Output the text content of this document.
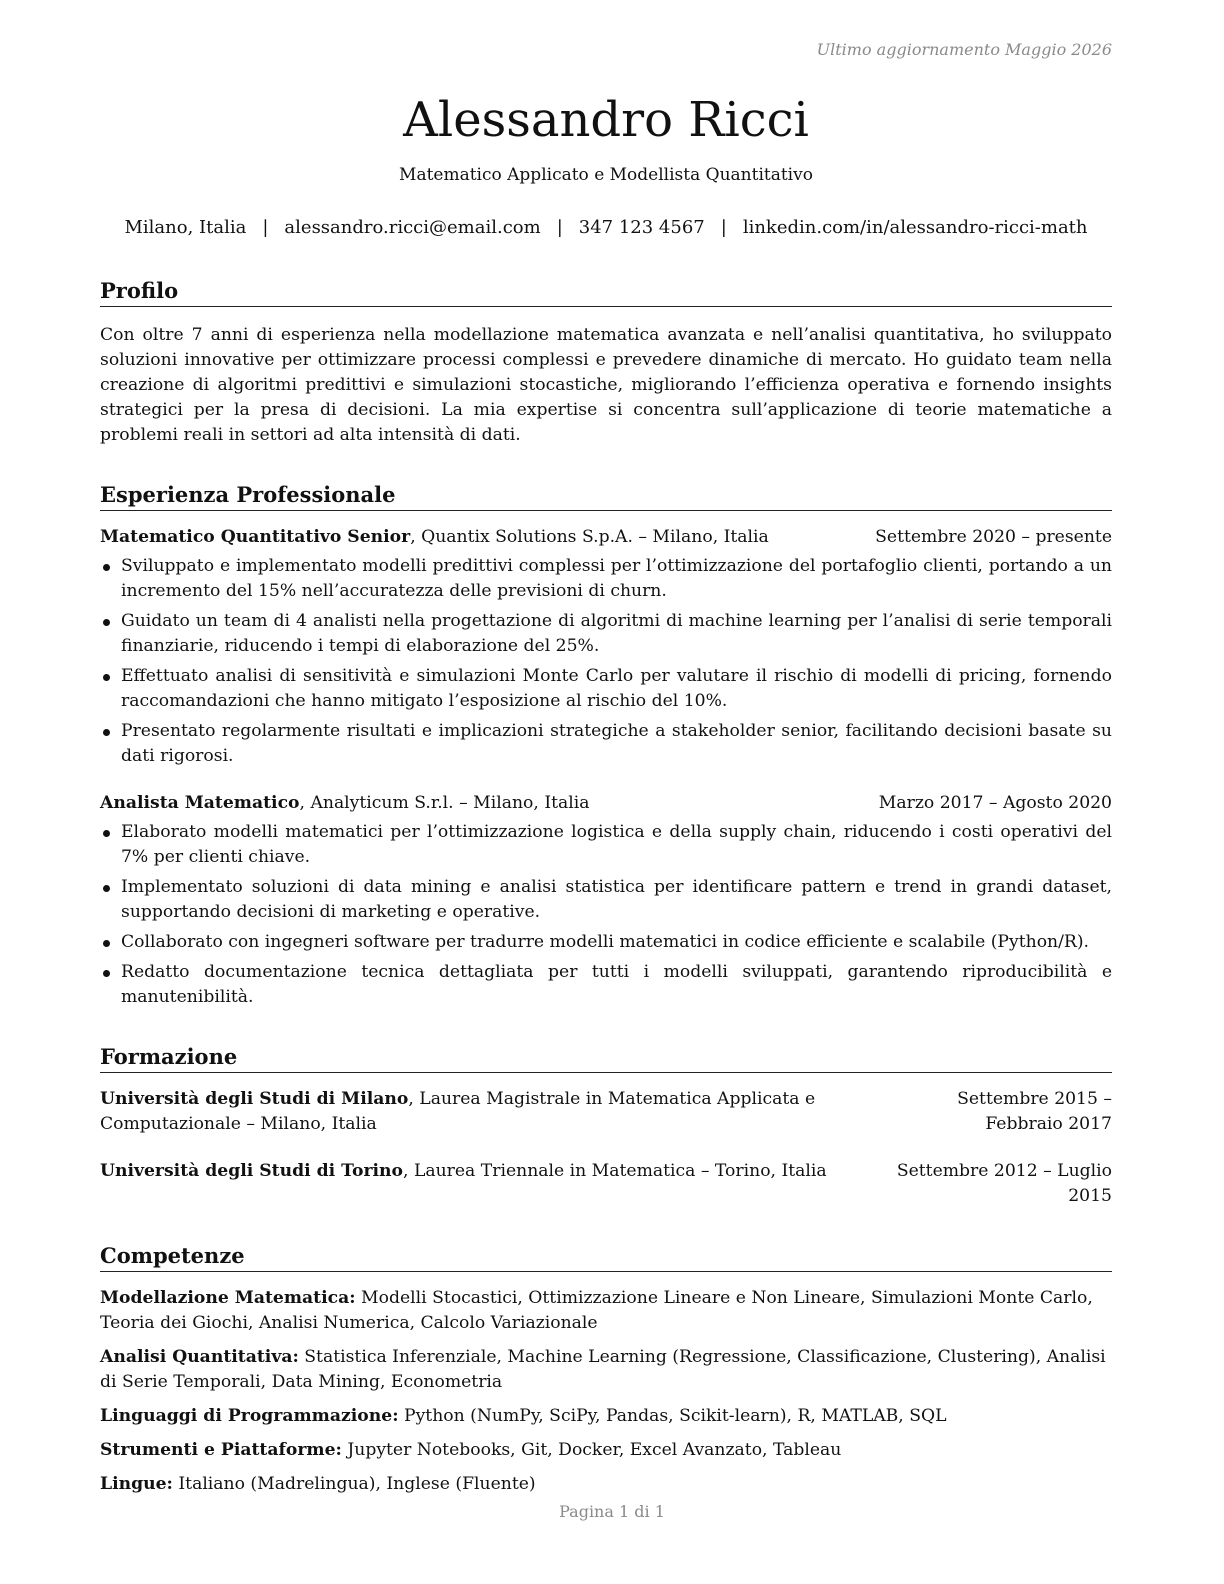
Ultimo aggiornamento Maggio 2026
Alessandro Ricci
Matematico Applicato e Modellista Quantitativo
Milano, Italia | alessandro.ricci@email.com | 347 123 4567 | linkedin.com/in/alessandro-ricci-math
Profilo

Con oltre 7 anni di esperienza nella modellazione matematica avanzata e nell’analisi quantitativa, ho sviluppato soluzioni innovative per ottimizzare processi complessi e prevedere dinamiche di mercato. Ho guidato team nella creazione di algoritmi predittivi e simulazioni stocastiche, migliorando l’efficienza operativa e fornendo insights strategici per la presa di decisioni. La mia expertise si concentra sull’applicazione di teorie matematiche a problemi reali in settori ad alta intensità di dati.

Esperienza Professionale
Matematico Quantitativo Senior, Quantix Solutions S.p.A. – Milano, Italia	Settembre 2020 – presente
Sviluppato e implementato modelli predittivi complessi per l’ottimizzazione del portafoglio clienti, portando a un incremento del 15% nell’accuratezza delle previsioni di churn.
Guidato un team di 4 analisti nella progettazione di algoritmi di machine learning per l’analisi di serie temporali finanziarie, riducendo i tempi di elaborazione del 25%.
Effettuato analisi di sensitività e simulazioni Monte Carlo per valutare il rischio di modelli di pricing, fornendo raccomandazioni che hanno mitigato l’esposizione al rischio del 10%.
Presentato regolarmente risultati e implicazioni strategiche a stakeholder senior, facilitando decisioni basate su dati rigorosi.
Analista Matematico, Analyticum S.r.l. – Milano, Italia	Marzo 2017 – Agosto 2020
Elaborato modelli matematici per l’ottimizzazione logistica e della supply chain, riducendo i costi operativi del 7% per clienti chiave.
Implementato soluzioni di data mining e analisi statistica per identificare pattern e trend in grandi dataset, supportando decisioni di marketing e operative.
Collaborato con ingegneri software per tradurre modelli matematici in codice efficiente e scalabile (Python/R).
Redatto documentazione tecnica dettagliata per tutti i modelli sviluppati, garantendo riproducibilità e manutenibilità.
Formazione
Università degli Studi di Milano, Laurea Magistrale in Matematica Applicata e Computazionale – Milano, Italia
Settembre 2015 – Febbraio 2017
Università degli Studi di Torino, Laurea Triennale in Matematica – Torino, Italia	Settembre 2012 – Luglio 2015
Competenze
Modellazione Matematica: Modelli Stocastici, Ottimizzazione Lineare e Non Lineare, Simulazioni Monte Carlo, Teoria dei Giochi, Analisi Numerica, Calcolo Variazionale
Analisi Quantitativa: Statistica Inferenziale, Machine Learning (Regressione, Classificazione, Clustering), Analisi di Serie Temporali, Data Mining, Econometria
Linguaggi di Programmazione: Python (NumPy, SciPy, Pandas, Scikit-learn), R, MATLAB, SQL
Strumenti e Piattaforme: Jupyter Notebooks, Git, Docker, Excel Avanzato, Tableau
Lingue: Italiano (Madrelingua), Inglese (Fluente)
Pagina 1 di 1
